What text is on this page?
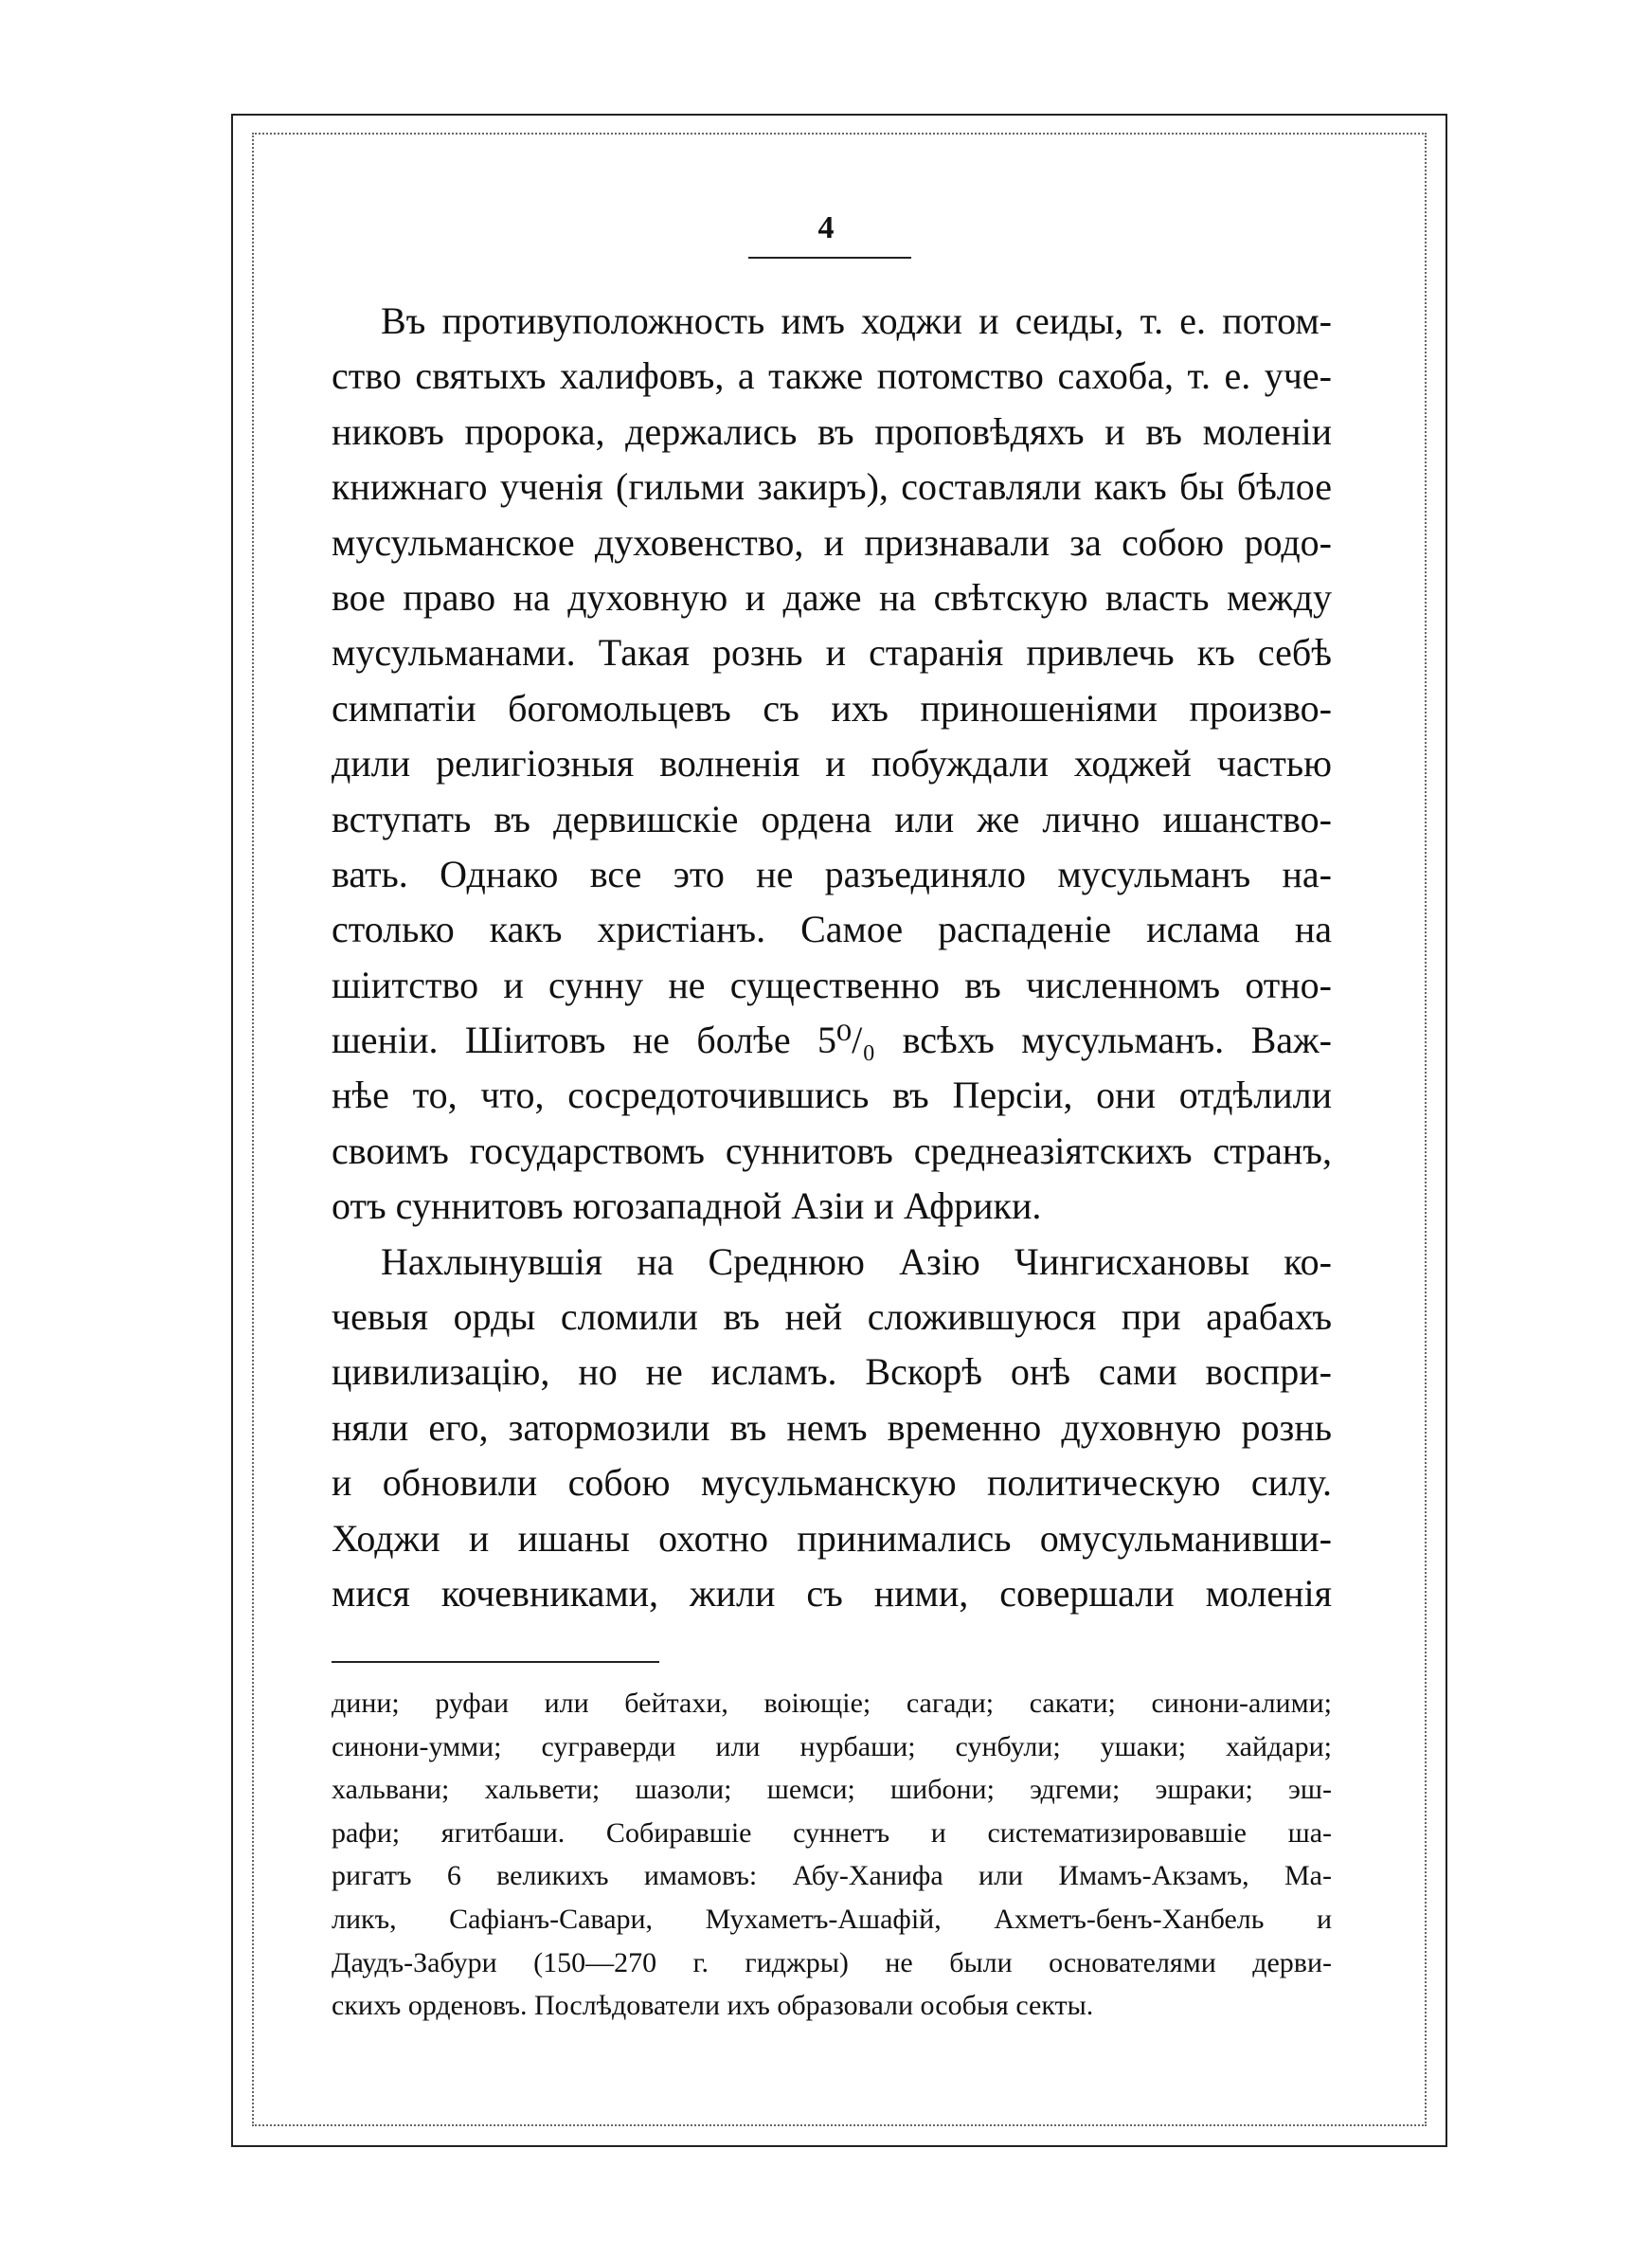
4
Въ противуположность имъ ходжи и сеиды, т. е. потом-
ство святыхъ халифовъ, а также потомство сахоба, т. е. уче-
никовъ пророка, держались въ проповѣдяхъ и въ моленіи
книжнаго ученія (гильми закиръ), составляли какъ бы бѣлое
мусульманское духовенство, и признавали за собою родо-
вое право на духовную и даже на свѣтскую власть между
мусульманами. Такая рознь и старанія привлечь къ себѣ
симпатіи богомольцевъ съ ихъ приношеніями произво-
дили религіозныя волненія и побуждали ходжей частью
вступать въ дервишскіе ордена или же лично ишанство-
вать. Однако все это не разъединяло мусульманъ на-
столько какъ христіанъ. Самое распаденіе ислама на
шіитство и сунну не существенно въ численномъ отно-
шеніи. Шіитовъ не болѣе 5⁰/₀ всѣхъ мусульманъ. Важ-
нѣе то, что, сосредоточившись въ Персіи, они отдѣлили
своимъ государствомъ суннитовъ среднеазіятскихъ странъ,
отъ суннитовъ югозападной Азіи и Африки.
Нахлынувшія на Среднюю Азію Чингисхановы ко-
чевыя орды сломили въ ней сложившуюся при арабахъ
цивилизацію, но не исламъ. Вскорѣ онѣ сами воспри-
няли его, затормозили въ немъ временно духовную рознь
и обновили собою мусульманскую политическую силу.
Ходжи и ишаны охотно принимались омусульманивши-
мися кочевниками, жили съ ними, совершали моленія
дини; руфаи или бейтахи, воіющіе; сагади; сакати; синони-алими;
синони-умми; сугравeрди или нурбаши; сунбули; ушаки; хайдари;
хальвани; хальвети; шазоли; шемси; шибони; эдгеми; эшраки; эш-
рафи; ягитбаши. Собиравшіе суннетъ и систематизировавшіе ша-
ригатъ 6 великихъ имамовъ: Абу-Ханифа или Имамъ-Акзамъ, Ма-
ликъ, Сафіанъ-Савари, Мухаметъ-Ашафій, Ахметъ-бенъ-Ханбель и
Даудъ-Забури (150—270 г. гиджры) не были основателями дерви-
скихъ орденовъ. Послѣдователи ихъ образовали особыя секты.
